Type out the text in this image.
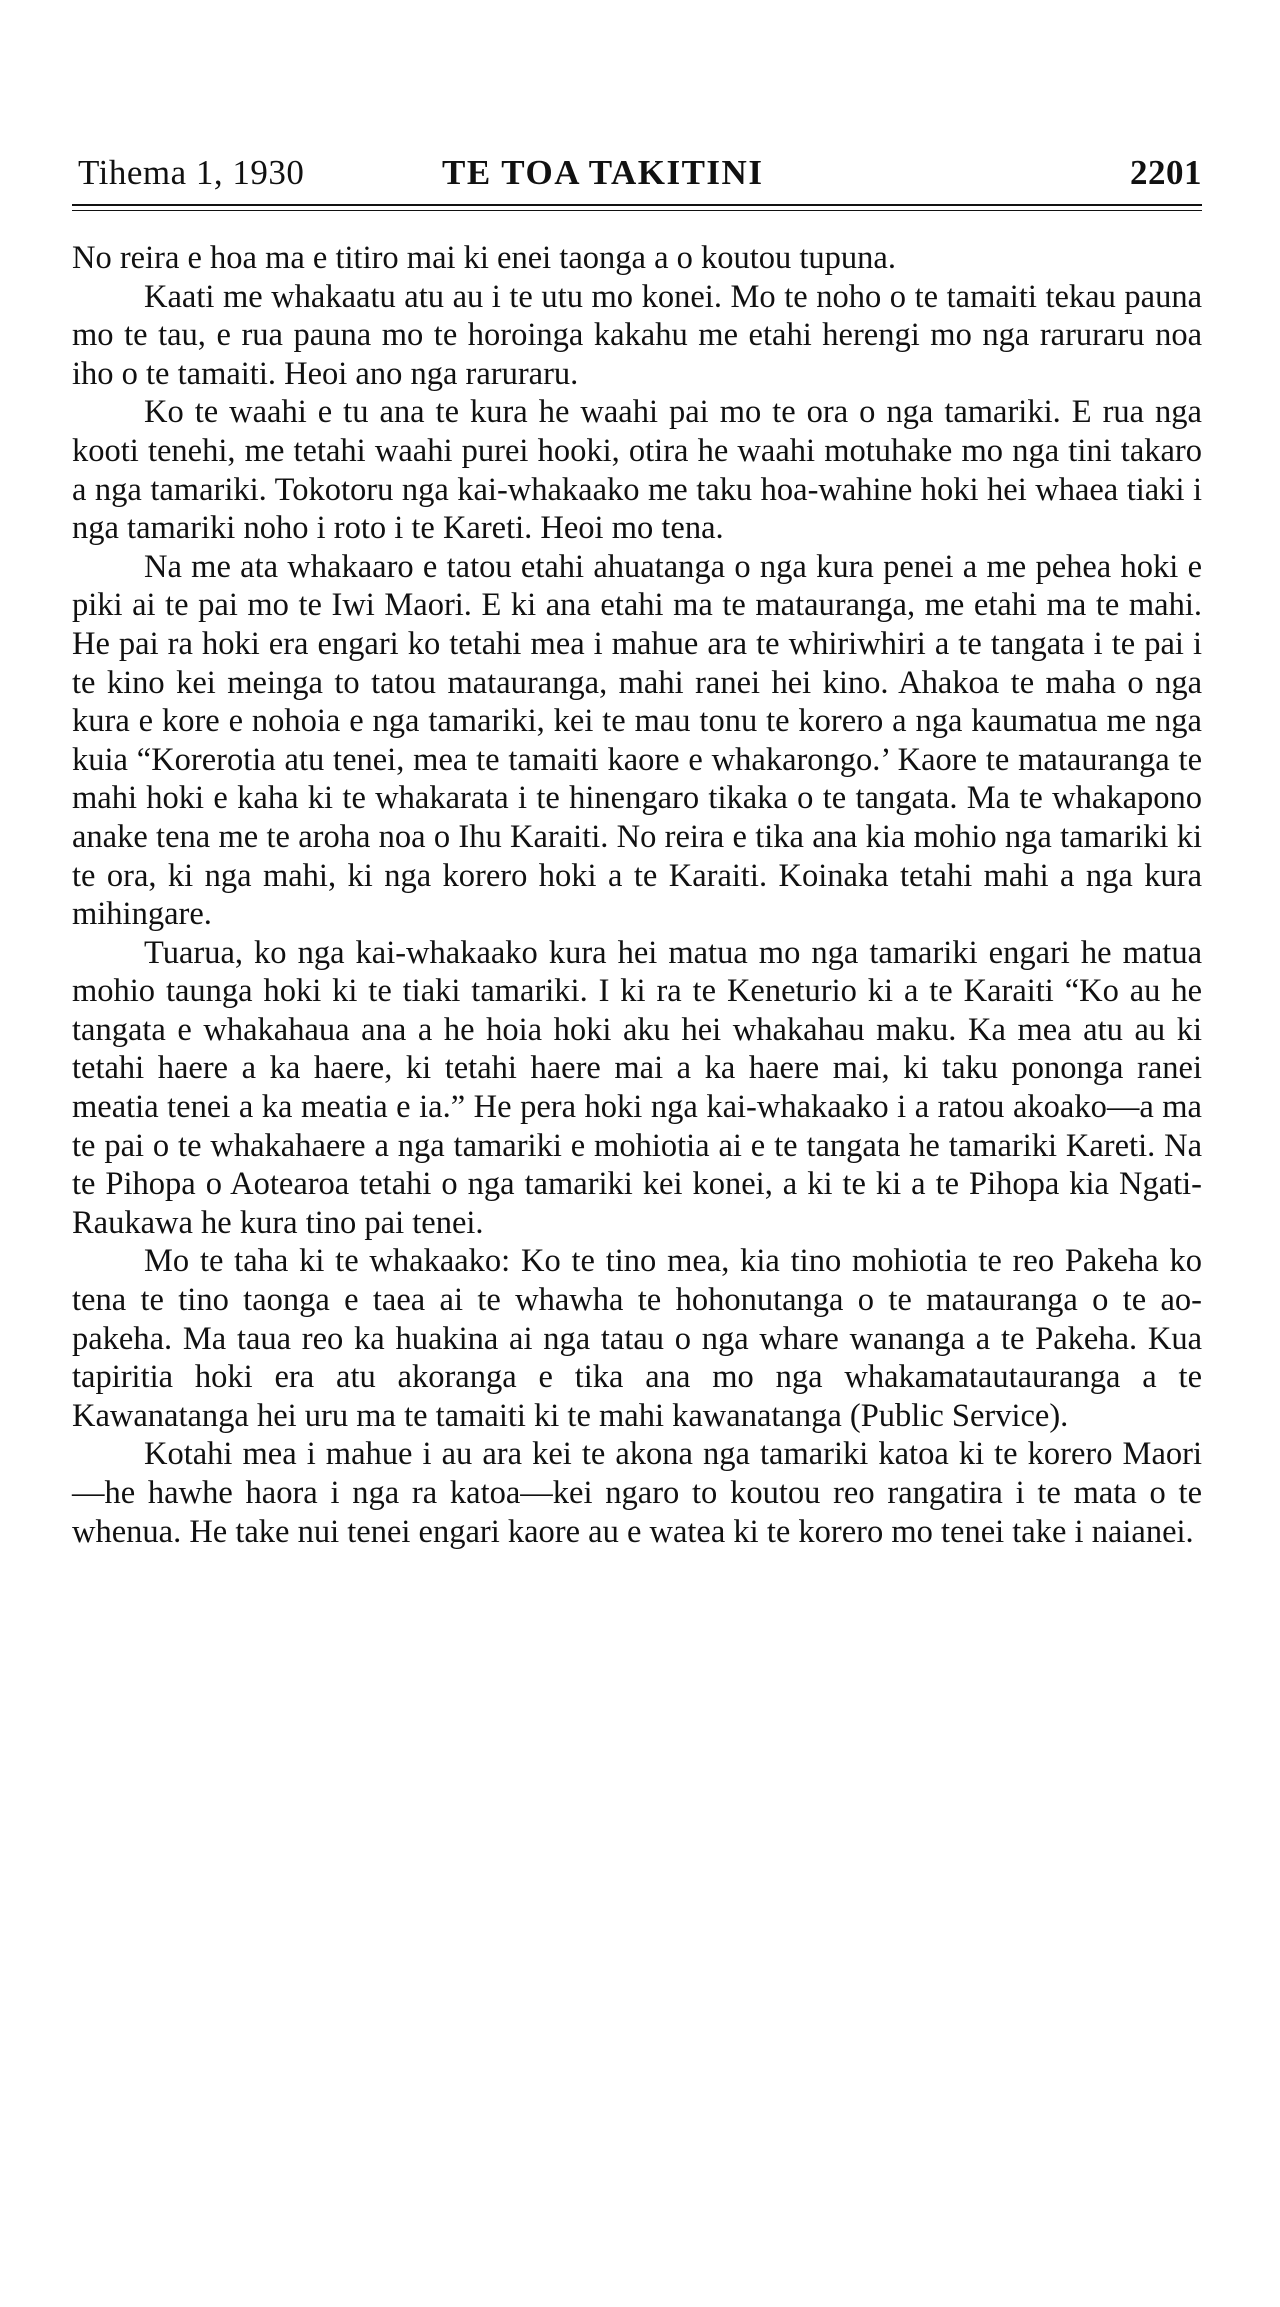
Tihema 1, 1930	TE TOA TAKITINI	2201

No reira e hoa ma e titiro mai ki enei taonga a o koutou tupuna.

Kaati me whakaatu atu au i te utu mo konei. Mo te noho o te tamaiti tekau pauna mo te tau, e rua pauna mo te horoinga kakahu me etahi herengi mo nga raruraru noa iho o te tamaiti. Heoi ano nga raruraru.

Ko te waahi e tu ana te kura he waahi pai mo te ora o nga tamariki. E rua nga kooti tenehi, me tetahi waahi purei hooki, otira he waahi motuhake mo nga tini takaro a nga tamariki. Tokotoru nga kai-whakaako me taku hoa-wahine hoki hei whaea tiaki i nga tamariki noho i roto i te Kareti. Heoi mo tena.

Na me ata whakaaro e tatou etahi ahuatanga o nga kura penei a me pehea hoki e piki ai te pai mo te Iwi Maori. E ki ana etahi ma te matauranga, me etahi ma te mahi. He pai ra hoki era engari ko tetahi mea i mahue ara te whiriwhiri a te tangata i te pai i te kino kei meinga to tatou matauranga, mahi ranei hei kino. Ahakoa te maha o nga kura e kore e nohoia e nga tamariki, kei te mau tonu te korero a nga kaumatua me nga kuia “Korerotia atu tenei, mea te tamaiti kaore e whakarongo.’ Kaore te matauranga te mahi hoki e kaha ki te whakarata i te hinengaro tikaka o te tangata. Ma te whakapono anake tena me te aroha noa o Ihu Karaiti. No reira e tika ana kia mohio nga tamariki ki te ora, ki nga mahi, ki nga korero hoki a te Karaiti. Koinaka tetahi mahi a nga kura mihingare.

Tuarua, ko nga kai-whakaako kura hei matua mo nga tamariki engari he matua mohio taunga hoki ki te tiaki tamariki. I ki ra te Keneturio ki a te Karaiti “Ko au he tangata e whakahaua ana a he hoia hoki aku hei whakahau maku. Ka mea atu au ki tetahi haere a ka haere, ki tetahi haere mai a ka haere mai, ki taku pononga ranei meatia tenei a ka meatia e ia.” He pera hoki nga kai-whakaako i a ratou akoako—a ma te pai o te whakahaere a nga tamariki e mohiotia ai e te tangata he tamariki Kareti. Na te Pihopa o Aotearoa tetahi o nga tamariki kei konei, a ki te ki a te Pihopa kia Ngati-Raukawa he kura tino pai tenei.

Mo te taha ki te whakaako: Ko te tino mea, kia tino mohiotia te reo Pakeha ko tena te tino taonga e taea ai te whawha te hohonutanga o te matauranga o te ao-pakeha. Ma taua reo ka huakina ai nga tatau o nga whare wananga a te Pakeha. Kua tapiritia hoki era atu akoranga e tika ana mo nga whakamatautauranga a te Kawanatanga hei uru ma te tamaiti ki te mahi kawanatanga (Public Service).

Kotahi mea i mahue i au ara kei te akona nga tamariki katoa ki te korero Maori—he hawhe haora i nga ra katoa—kei ngaro to koutou reo rangatira i te mata o te whenua. He take nui tenei engari kaore au e watea ki te korero mo tenei take i naianei.
